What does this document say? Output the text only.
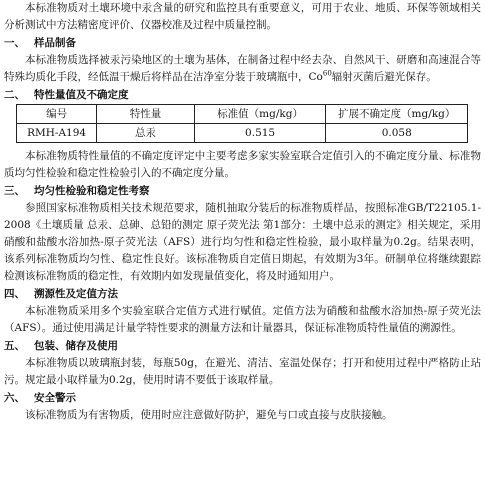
本标准物质对土壤环境中汞含量的研究和监控具有重要意义，可用于农业、地质、环保等领域相关分析测试中方法精密度评价、仪器校准及过程中质量控制。

一、 样品制备

本标准物质选择被汞污染地区的土壤为基体，在制备过程中经去杂、自然风干、研磨和高速混合等特殊均质化手段，经低温干燥后将样品在洁净室分装于玻璃瓶中，Co$^{60}$辐射灭菌后避光保存。

二、 特性量值及不确定度
编号	特性量	标准值（mg/kg）	扩展不确定度（mg/kg）
RMH-A194	总汞	0.515	0.058

本标准物质特性量值的不确定度评定中主要考虑多家实验室联合定值引入的不确定度分量、标准物质均匀性检验和稳定性检验引入的不确定度分量。

三、 均匀性检验和稳定性考察

参照国家标准物质相关技术规范要求，随机抽取分装后的标准物质样品，按照标准GB/T22105.1-2008《土壤质量 总汞、总砷、总铅的测定 原子荧光法 第1部分：土壤中总汞的测定》相关规定，采用硝酸和盐酸水浴加热-原子荧光法（AFS）进行均匀性和稳定性检验，最小取样量为0.2g。结果表明，该系列标准物质均匀性、稳定性良好。该标准物质自定值日期起，有效期为3年。研制单位将继续跟踪检测该标准物质的稳定性，有效期内如发现量值变化，将及时通知用户。

四、 溯源性及定值方法

本标准物质采用多个实验室联合定值方式进行赋值。定值方法为硝酸和盐酸水浴加热-原子荧光法（AFS）。通过使用满足计量学特性要求的测量方法和计量器具，保证标准物质特性量值的溯源性。

五、 包装、储存及使用

本标准物质以玻璃瓶封装，每瓶50g，在避光、清洁、室温处保存；打开和使用过程中严格防止玷污。规定最小取样量为0.2g，使用时请不要低于该取样量。

六、 安全警示

该标准物质为有害物质，使用时应注意做好防护，避免与口或直接与皮肤接触。
